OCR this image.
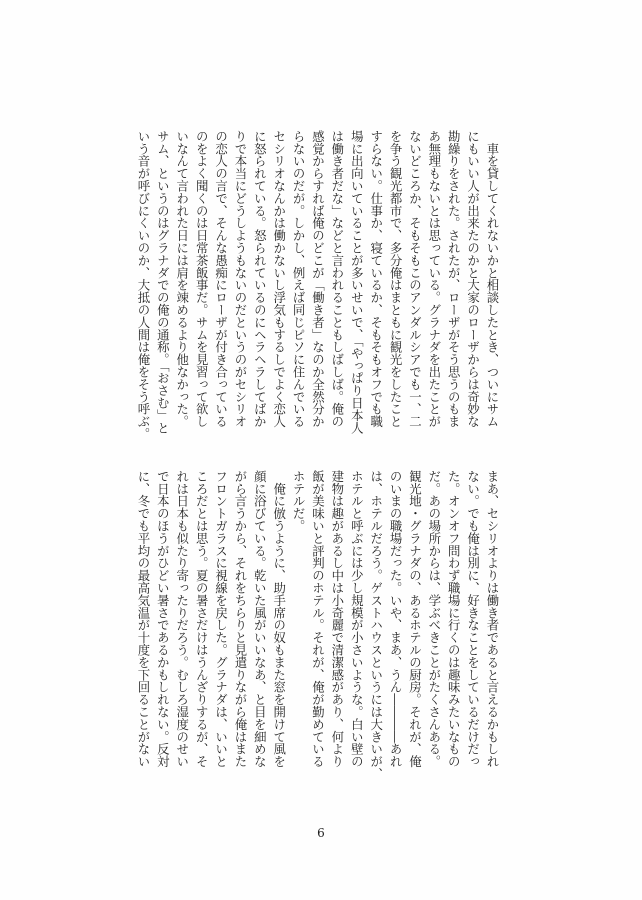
　車を貸してくれないかと相談したとき、ついにサム
にもいい人が出来たのかと大家のローザからは奇妙な
勘繰りをされた。されたが、ローザがそう思うのもま
あ無理もないとは思っている。グラナダを出たことが
ないどころか、そもそもこのアンダルシアでも一、二
を争う観光都市で、多分俺はまともに観光をしたこと
すらない。仕事か、寝ているか、そもそもオフでも職
場に出向いていることが多いせいで、「やっぱり日本人
は働き者だな」などと言われることもしばしば。俺の
感覚からすれば俺のどこが「働き者」なのか全然分か
らないのだが。しかし、例えば同じピソに住んでいる
セシリオなんかは働かないし浮気もするしでよく恋人
に怒られている。怒られているのにヘラヘラしてばか
りで本当にどうしようもないのだというのがセシリオ
の恋人の言で、そんな愚痴にローザが付き合っている
のをよく聞くのは日常茶飯事だ。サムを見習って欲し
いなんて言われた日には肩を竦めるより他なかった。
サム、というのはグラナダでの俺の通称。「おさむ」と
いう音が呼びにくいのか、大抵の人間は俺をそう呼ぶ。
まあ、セシリオよりは働き者であると言えるかもしれ
ない。でも俺は別に、好きなことをしているだけだっ
た。オンオフ問わず職場に行くのは趣味みたいなもの
だ。あの場所からは、学ぶべきことがたくさんある。
観光地・グラナダの、あるホテルの厨房。それが、俺
のいまの職場だった。いや、まあ、うん――――あれ
は、ホテルだろう。ゲストハウスというには大きいが、
ホテルと呼ぶには少し規模が小さいような。白い壁の
建物は趣があるし中は小奇麗で清潔感があり、何より
飯が美味いと評判のホテル。それが、俺が勤めている
ホテルだ。
　俺に倣うように、助手席の奴もまた窓を開けて風を
顔に浴びている。乾いた風がいいなあ、と目を細めな
がら言うから、それをちらりと見遣りながら俺はまた
フロントガラスに視線を戻した。グラナダは、いいと
ころだとは思う。夏の暑さだけはうんざりするが、そ
れは日本も似たり寄ったりだろう。むしろ湿度のせい
で日本のほうがひどい暑さであるかもしれない。反対
に、冬でも平均の最高気温が十度を下回ることがない
6
